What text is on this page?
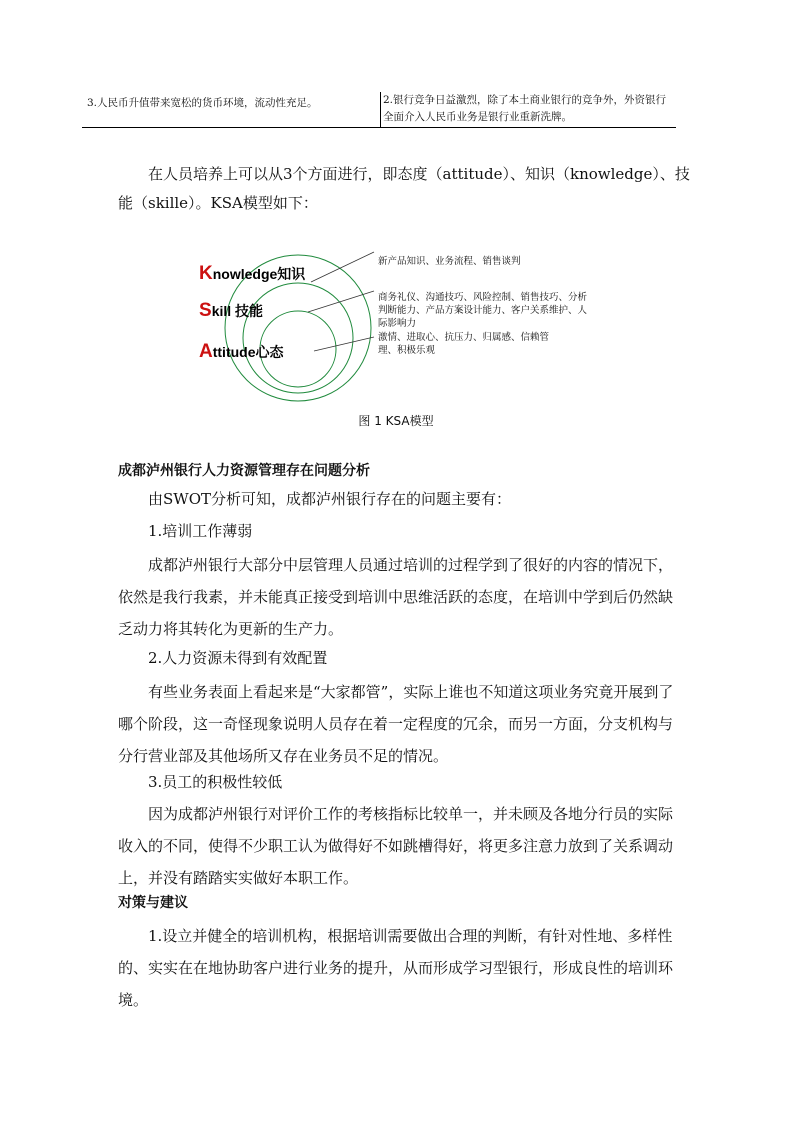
3.人民币升值带来宽松的货币环境，流动性充足。	2.银行竞争日益激烈，除了本土商业银行的竞争外，外资银行全面介入人民币业务是银行业重新洗牌。
在人员培养上可以从3个方面进行，即态度（attitude）、知识（knowledge）、技能（skille）。KSA模型如下：
Knowledge知识
Skill 技能
Attitude心态
新产品知识、业务流程、销售谈判
商务礼仪、沟通技巧、风险控制、销售技巧、分析判断能力、产品方案设计能力、客户关系维护、人际影响力
激情、进取心、抗压力、归属感、信赖管理、积极乐观
图 1 KSA模型
成都泸州银行人力资源管理存在问题分析
由SWOT分析可知，成都泸州银行存在的问题主要有：
1.培训工作薄弱
成都泸州银行大部分中层管理人员通过培训的过程学到了很好的内容的情况下，依然是我行我素，并未能真正接受到培训中思维活跃的态度，在培训中学到后仍然缺乏动力将其转化为更新的生产力。
2.人力资源未得到有效配置
有些业务表面上看起来是“大家都管”，实际上谁也不知道这项业务究竟开展到了哪个阶段，这一奇怪现象说明人员存在着一定程度的冗余，而另一方面，分支机构与分行营业部及其他场所又存在业务员不足的情况。
3.员工的积极性较低
因为成都泸州银行对评价工作的考核指标比较单一，并未顾及各地分行员的实际收入的不同，使得不少职工认为做得好不如跳槽得好，将更多注意力放到了关系调动上，并没有踏踏实实做好本职工作。
对策与建议
1.设立并健全的培训机构，根据培训需要做出合理的判断，有针对性地、多样性的、实实在在地协助客户进行业务的提升，从而形成学习型银行，形成良性的培训环境。
